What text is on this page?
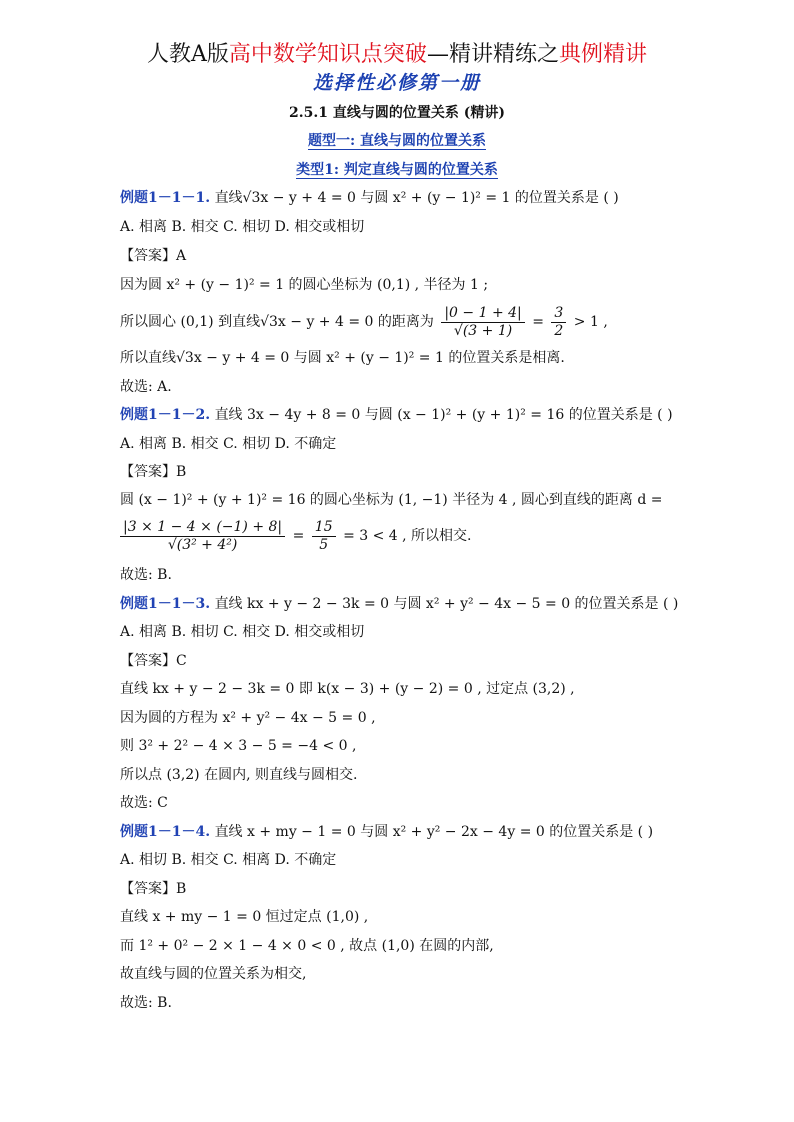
人教A版高中数学知识点突破—精讲精练之典例精讲
选择性必修第一册
2.5.1 直线与圆的位置关系 (精讲)
题型一: 直线与圆的位置关系
类型1: 判定直线与圆的位置关系
例题1－1－1. 直线√3x − y + 4 = 0 与圆 x² + (y − 1)² = 1 的位置关系是 ( )
A. 相离 B. 相交 C. 相切 D. 相交或相切
【答案】A
因为圆 x² + (y − 1)² = 1 的圆心坐标为 (0,1) , 半径为 1 ;
所以圆心 (0,1) 到直线√3x − y + 4 = 0 的距离为 $\frac{|0 - 1 + 4|}{√(3 + 1)} = \frac{3}{2} > 1$ ,
所以直线√3x − y + 4 = 0 与圆 x² + (y − 1)² = 1 的位置关系是相离.
故选: A.
例题1－1－2. 直线 3x − 4y + 8 = 0 与圆 (x − 1)² + (y + 1)² = 16 的位置关系是 ( )
A. 相离 B. 相交 C. 相切 D. 不确定
【答案】B
圆 (x − 1)² + (y + 1)² = 16 的圆心坐标为 (1, −1) 半径为 4 , 圆心到直线的距离 d =
$\frac{|3 \times 1 - 4 \times (-1) + 8|}{\text{√(3² + 4²)}} = \frac{15}{5} = 3 < 4$ , 所以相交.
故选: B.
例题1－1－3. 直线 kx + y − 2 − 3k = 0 与圆 x² + y² − 4x − 5 = 0 的位置关系是 ( )
A. 相离 B. 相切 C. 相交 D. 相交或相切
【答案】C
直线 kx + y − 2 − 3k = 0 即 k(x − 3) + (y − 2) = 0 , 过定点 (3,2) ,
因为圆的方程为 x² + y² − 4x − 5 = 0 ,
则 3² + 2² − 4 × 3 − 5 = −4 < 0 ,
所以点 (3,2) 在圆内, 则直线与圆相交.
故选: C
例题1－1－4. 直线 x + my − 1 = 0 与圆 x² + y² − 2x − 4y = 0 的位置关系是 ( )
A. 相切 B. 相交 C. 相离 D. 不确定
【答案】B
直线 x + my − 1 = 0 恒过定点 (1,0) ,
而 1² + 0² − 2 × 1 − 4 × 0 < 0 , 故点 (1,0) 在圆的内部,
故直线与圆的位置关系为相交,
故选: B.
